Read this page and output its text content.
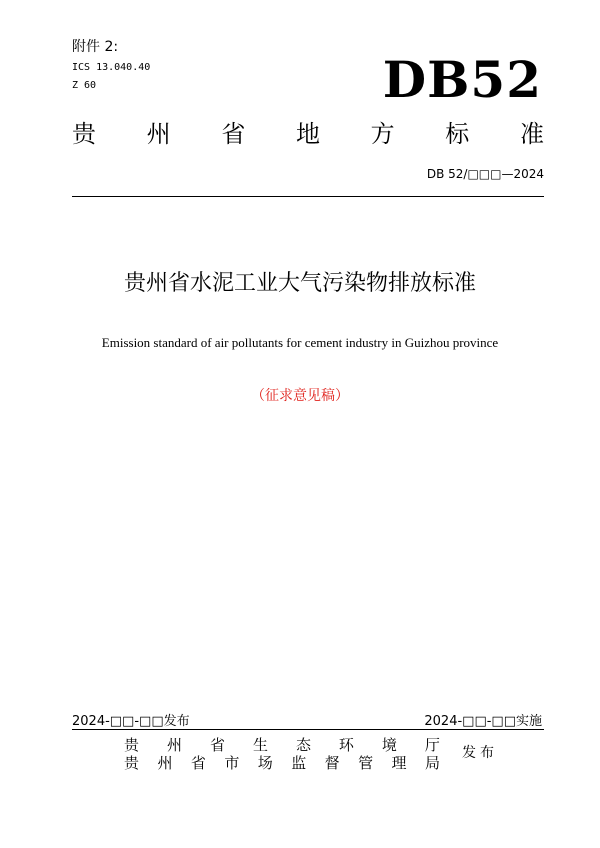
附件 2:
ICS 13.040.40
Z 60	DB52
贵 州 省 地 方 标 准
DB 52/□□□—2024
贵州省水泥工业大气污染物排放标准
Emission standard of air pollutants for cement industry in Guizhou province
（征求意见稿）
2024-□□-□□发布	2024-□□-□□实施
贵 州 省 生 态 环 境 厅
贵 州 省 市 场 监 督 管 理 局
发布
